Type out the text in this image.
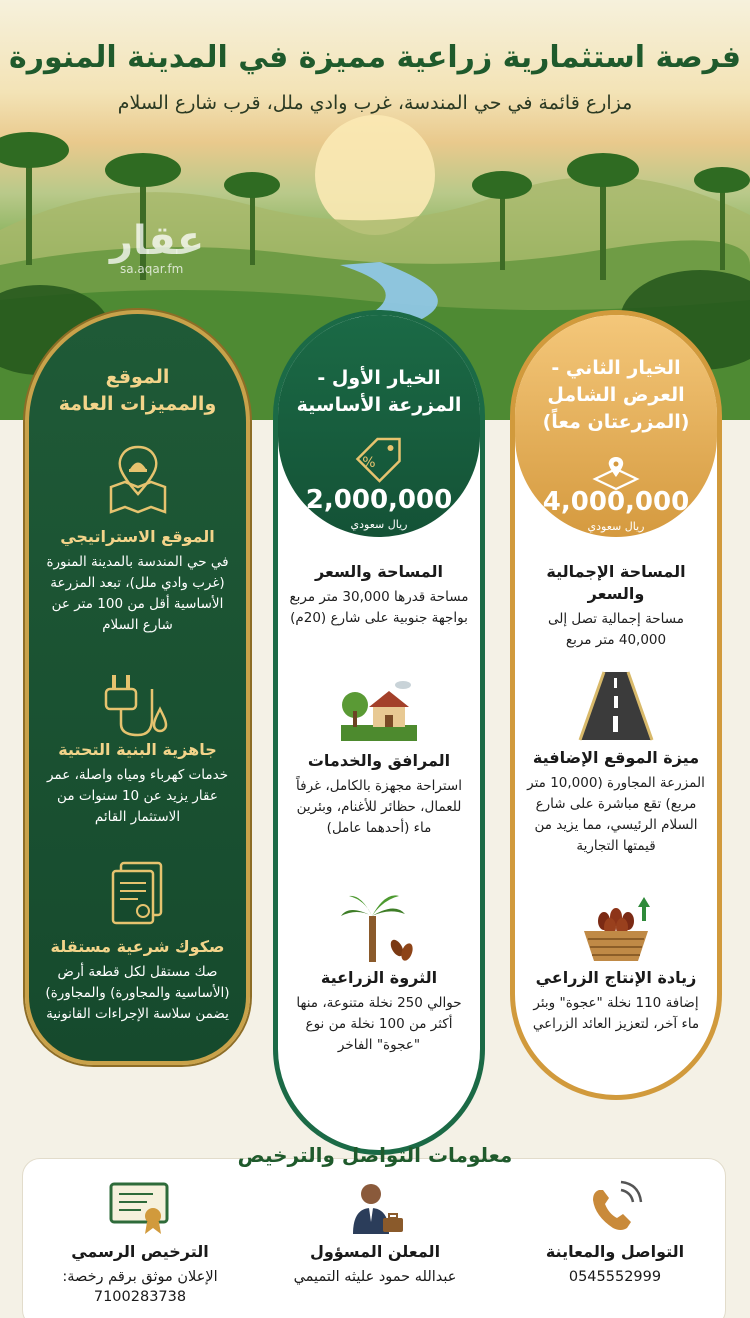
فرصة استثمارية زراعية مميزة في المدينة المنورة
مزارع قائمة في حي المندسة، غرب وادي ملل، قرب شارع السلام
عقار
sa.aqar.fm
الموقع
والمميزات العامة
الموقع الاستراتيجي

في حي المندسة بالمدينة المنورة (غرب وادي ملل)، تبعد المزرعة الأساسية أقل من 100 متر عن شارع السلام

جاهزية البنية التحتية

خدمات كهرباء ومياه واصلة، عمر عقار يزيد عن 10 سنوات من الاستثمار القائم

صكوك شرعية مستقلة

صك مستقل لكل قطعة أرض (الأساسية والمجاورة) والمجاورة) يضمن سلاسة الإجراءات القانونية

الخيار الأول -
المزرعة الأساسية
%
2,000,000
ريال سعودي
المساحة والسعر

مساحة قدرها 30,000 متر مربع بواجهة جنوبية على شارع (20م)

المرافق والخدمات

استراحة مجهزة بالكامل، غرفاً للعمال، حظائر للأغنام، وبئرين ماء (أحدهما عامل)

الثروة الزراعية

حوالي 250 نخلة متنوعة، منها أكثر من 100 نخلة من نوع "عجوة" الفاخر

الخيار الثاني -
العرض الشامل
(المزرعتان معاً)
4,000,000
ريال سعودي
المساحة الإجمالية والسعر

مساحة إجمالية تصل إلى 40,000 متر مربع

ميزة الموقع الإضافية

المزرعة المجاورة (10,000 متر مربع) تقع مباشرة على شارع السلام الرئيسي، مما يزيد من قيمتها التجارية

زيادة الإنتاج الزراعي

إضافة 110 نخلة "عجوة" وبئر ماء آخر، لتعزيز العائد الزراعي

معلومات التواصل والترخيص
التواصل والمعاينة

0545552999

المعلن المسؤول

عبدالله حمود عليثه التميمي

الترخيص الرسمي

الإعلان موثق برقم رخصة: 7100283738
